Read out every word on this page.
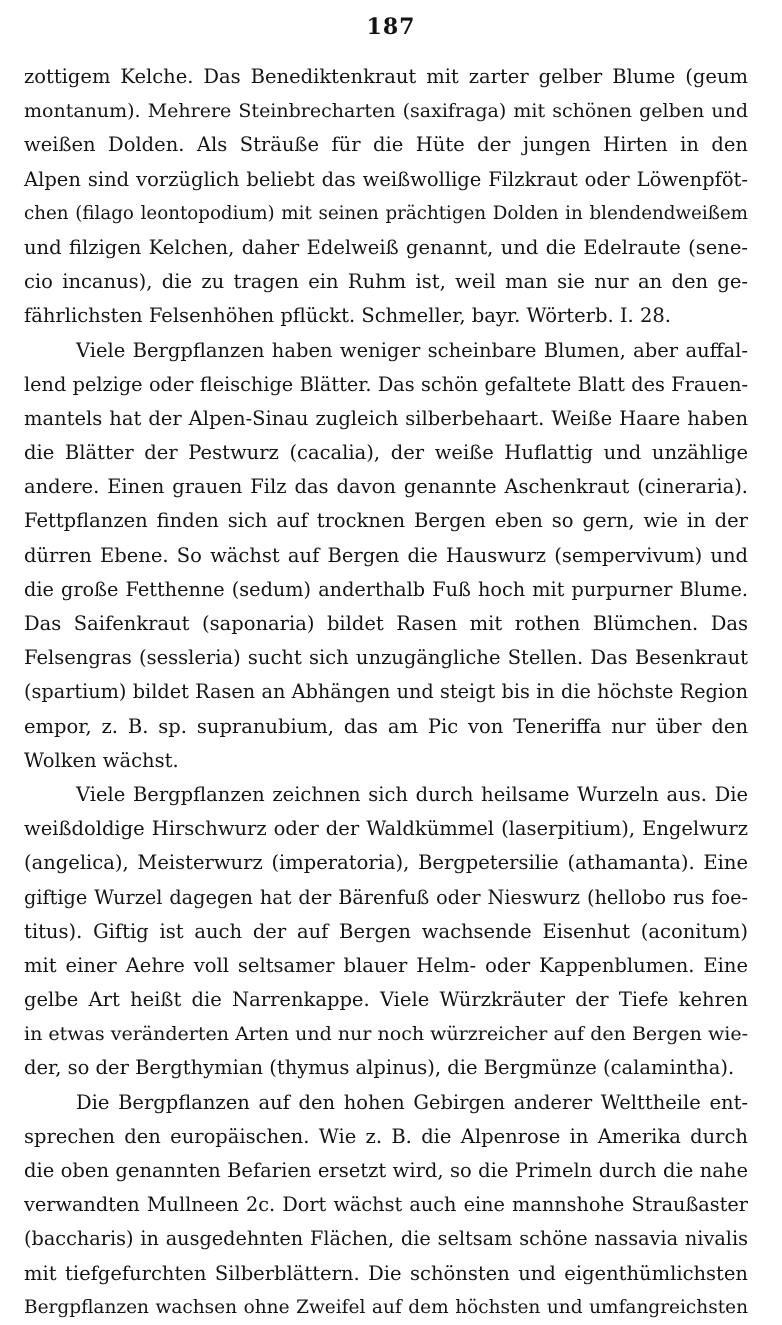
187
zottigem Kelche. Das Benediktenkraut mit zarter gelber Blume (geum
montanum). Mehrere Steinbrecharten (saxifraga) mit schönen gelben und
weißen Dolden. Als Sträuße für die Hüte der jungen Hirten in den
Alpen sind vorzüglich beliebt das weißwollige Filzkraut oder Löwenpföt-
chen (filago leontopodium) mit seinen prächtigen Dolden in blendendweißem
und filzigen Kelchen, daher Edelweiß genannt, und die Edelraute (sene-
cio incanus), die zu tragen ein Ruhm ist, weil man sie nur an den ge-
fährlichsten Felsenhöhen pflückt. Schmeller, bayr. Wörterb. I. 28.
Viele Bergpflanzen haben weniger scheinbare Blumen, aber auffal-
lend pelzige oder fleischige Blätter. Das schön gefaltete Blatt des Frauen-
mantels hat der Alpen-Sinau zugleich silberbehaart. Weiße Haare haben
die Blätter der Pestwurz (cacalia), der weiße Huflattig und unzählige
andere. Einen grauen Filz das davon genannte Aschenkraut (cineraria).
Fettpflanzen finden sich auf trocknen Bergen eben so gern, wie in der
dürren Ebene. So wächst auf Bergen die Hauswurz (sempervivum) und
die große Fetthenne (sedum) anderthalb Fuß hoch mit purpurner Blume.
Das Saifenkraut (saponaria) bildet Rasen mit rothen Blümchen. Das
Felsengras (sessleria) sucht sich unzugängliche Stellen. Das Besenkraut
(spartium) bildet Rasen an Abhängen und steigt bis in die höchste Region
empor, z. B. sp. supranubium, das am Pic von Teneriffa nur über den
Wolken wächst.
Viele Bergpflanzen zeichnen sich durch heilsame Wurzeln aus. Die
weißdoldige Hirschwurz oder der Waldkümmel (laserpitium), Engelwurz
(angelica), Meisterwurz (imperatoria), Bergpetersilie (athamanta). Eine
giftige Wurzel dagegen hat der Bärenfuß oder Nieswurz (hellobo rus foe-
titus). Giftig ist auch der auf Bergen wachsende Eisenhut (aconitum)
mit einer Aehre voll seltsamer blauer Helm- oder Kappenblumen. Eine
gelbe Art heißt die Narrenkappe. Viele Würzkräuter der Tiefe kehren
in etwas veränderten Arten und nur noch würzreicher auf den Bergen wie-
der, so der Bergthymian (thymus alpinus), die Bergmünze (calamintha).
Die Bergpflanzen auf den hohen Gebirgen anderer Welttheile ent-
sprechen den europäischen. Wie z. B. die Alpenrose in Amerika durch
die oben genannten Befarien ersetzt wird, so die Primeln durch die nahe
verwandten Mullneen 2c. Dort wächst auch eine mannshohe Straußaster
(baccharis) in ausgedehnten Flächen, die seltsam schöne nassavia nivalis
mit tiefgefurchten Silberblättern. Die schönsten und eigenthümlichsten
Bergpflanzen wachsen ohne Zweifel auf dem höchsten und umfangreichsten
